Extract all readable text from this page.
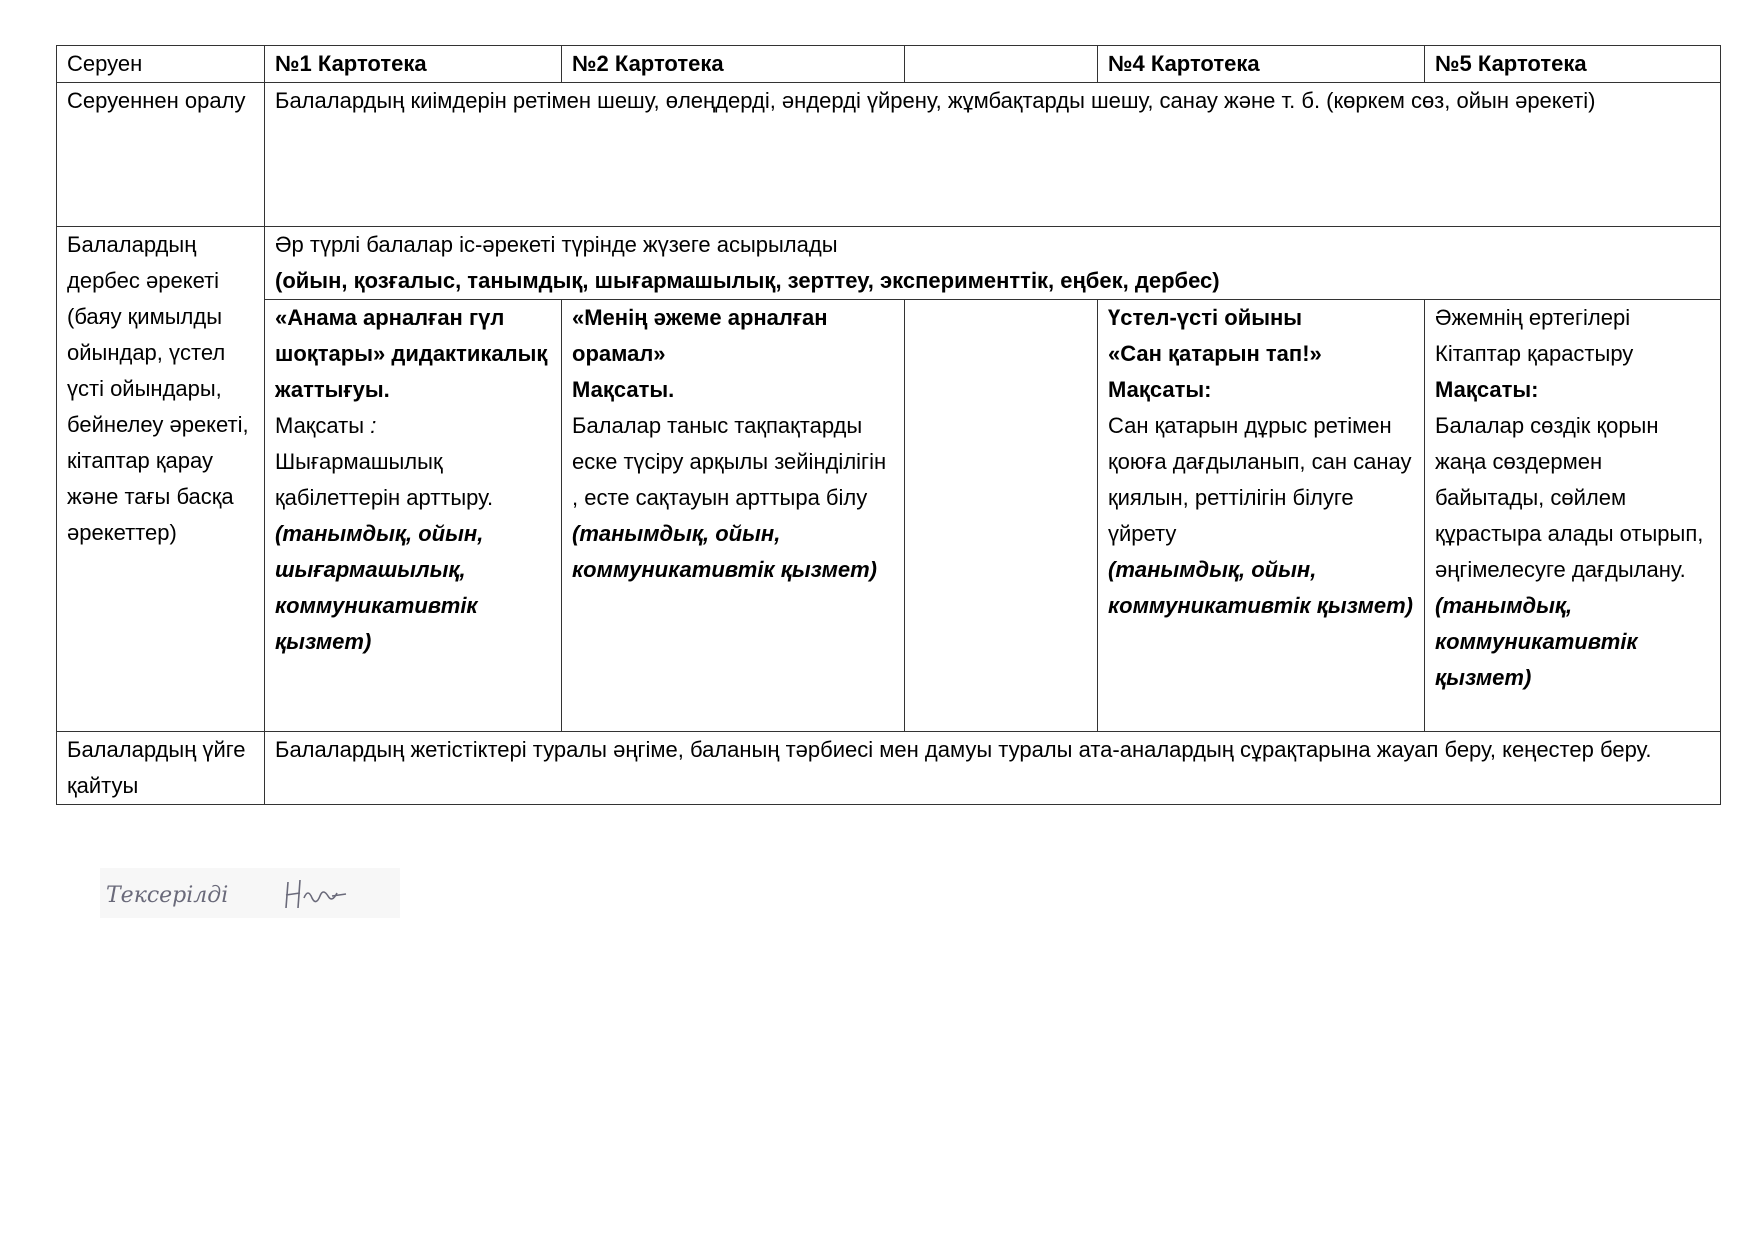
Серуен	№1 Картотека	№2 Картотека		№4 Картотека	№5 Картотека
Серуеннен оралу	Балалардың киімдерін ретімен шешу, өлеңдерді, әндерді үйрену, жұмбақтарды шешу, санау және т. б. (көркем сөз, ойын әрекеті)				
Балалардың дербес әрекеті (баяу қимылды ойындар, үстел үсті ойындары, бейнелеу әрекеті, кітаптар қарау және тағы басқа әрекеттер)	Әр түрлі балалар іс-әрекеті түрінде жүзеге асырылады
(ойын, қозғалыс, танымдық, шығармашылық, зерттеу, эксперименттік, еңбек, дербес)				

	«Анама арналған гүл шоқтары» дидактикалық жаттығуы.
Мақсаты :
Шығармашылық қабілеттерін арттыру.
(танымдық, ойын, шығармашылық, коммуникативтік қызмет)	«Менің әжеме арналған орамал»
Мақсаты.
Балалар таныс тақпақтарды еске түсіру арқылы зейінділігін , есте сақтауын арттыра білу
(танымдық, ойын, коммуникативтік қызмет)		Үстел-үсті ойыны
«Сан қатарын тап!»
Мақсаты:
Сан қатарын дұрыс ретімен қоюға дағдыланып, сан санау қиялын, реттілігін білуге үйрету
(танымдық, ойын, коммуникативтік қызмет)	Әжемнің ертегілері
Кітаптар қарастыру
Мақсаты:
Балалар сөздік қорын жаңа сөздермен байытады, сөйлем құрастыра алады отырып, әңгімелесуге дағдылану.
(танымдық, коммуникативтік қызмет)

Балалардың үйге қайтуы	Балалардың жетістіктері туралы әңгіме, баланың тәрбиесі мен дамуы туралы ата-аналардың сұрақтарына жауап беру, кеңестер беру.				
Тексерілді
